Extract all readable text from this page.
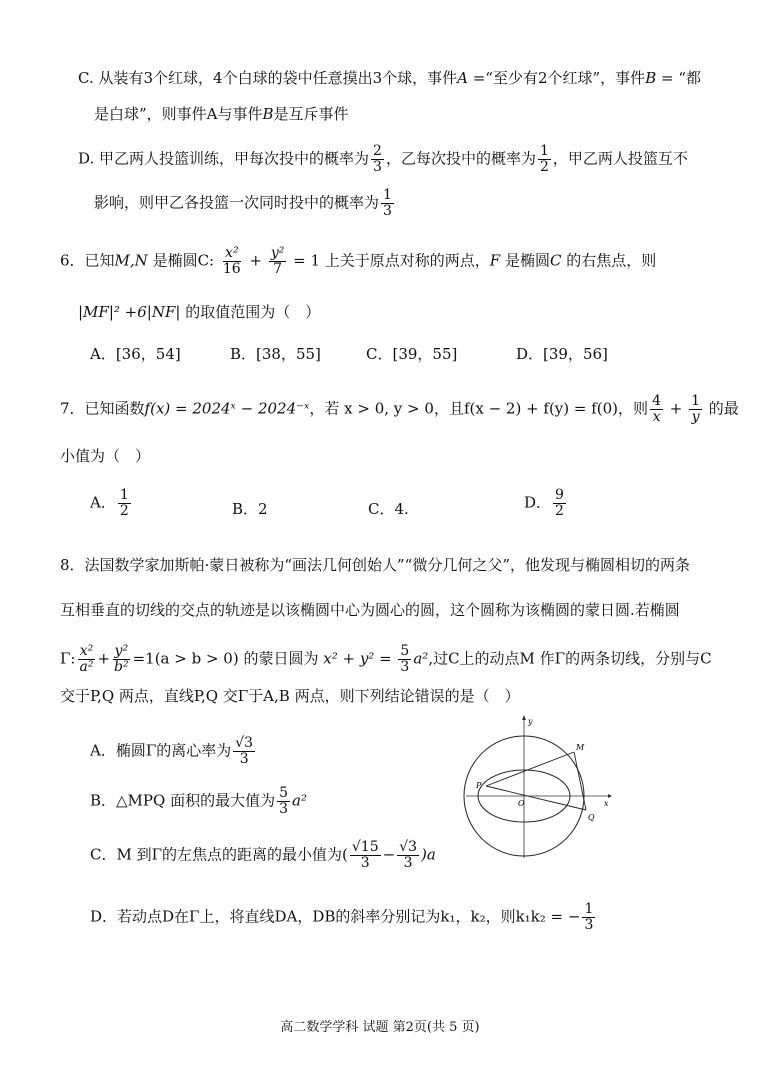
C. 从装有3个红球，4个白球的袋中任意摸出3个球，事件A =“至少有2个红球”，事件B = “都
是白球”，则事件A与事件B是互斥事件
D. 甲乙两人投篮训练，甲每次投中的概率为 $\frac{2}{3}$ ，乙每次投中的概率为 $\frac{1}{2}$ ，甲乙两人投篮互不
影响，则甲乙各投篮一次同时投中的概率为 $\frac{1}{3}$
6．已知M,N 是椭圆C: $\frac{\text{x²}}{16} + \frac{\text{y²}}{7} = 1$ 上关于原点对称的两点，F 是椭圆C 的右焦点，则
|MF|² +6|NF| 的取值范围为（　）
A．[36，54]	B．[38，55]	C．[39，55]	D．[39，56]
7．已知函数f(x) = 2024ˣ − 2024⁻ˣ，若 x > 0, y > 0，且f(x − 2) + f(y) = f(0)，则 $\frac{4}{x} + \frac{1}{y}$ 的最
小值为（　）
A． $\frac{1}{2}$	B．2	C．4.	D． $\frac{9}{2}$
8．法国数学家加斯帕·蒙日被称为“画法几何创始人”“微分几何之父”，他发现与椭圆相切的两条
互相垂直的切线的交点的轨迹是以该椭圆中心为圆心的圆，这个圆称为该椭圆的蒙日圆.若椭圆
Γ: $\frac{\text{x²}}{\text{a²}} + \frac{\text{y²}}{\text{b²}} =1(a > b > 0)$ 的蒙日圆为 $x^2 + y^2 = \frac{5}{3} a^2$,过C上的动点M 作Γ的两条切线，分别与C
交于P,Q 两点，直线P,Q 交Γ于A,B 两点，则下列结论错误的是（　）
A．椭圆Γ的离心率为 $\frac{√3}{3}$
B．△MPQ 面积的最大值为 $\frac{5}{3} a^2$
C．M 到Γ的左焦点的距离的最小值为( $\frac{√15}{3} - \frac{√3}{3} )a$
D．若动点D在Γ上，将直线DA，DB的斜率分别记为k₁，k₂，则k₁k₂ = − $\frac{1}{3}$
y
x
M
P
Q
O
高二数学学科 试题 第2页(共 5 页)
